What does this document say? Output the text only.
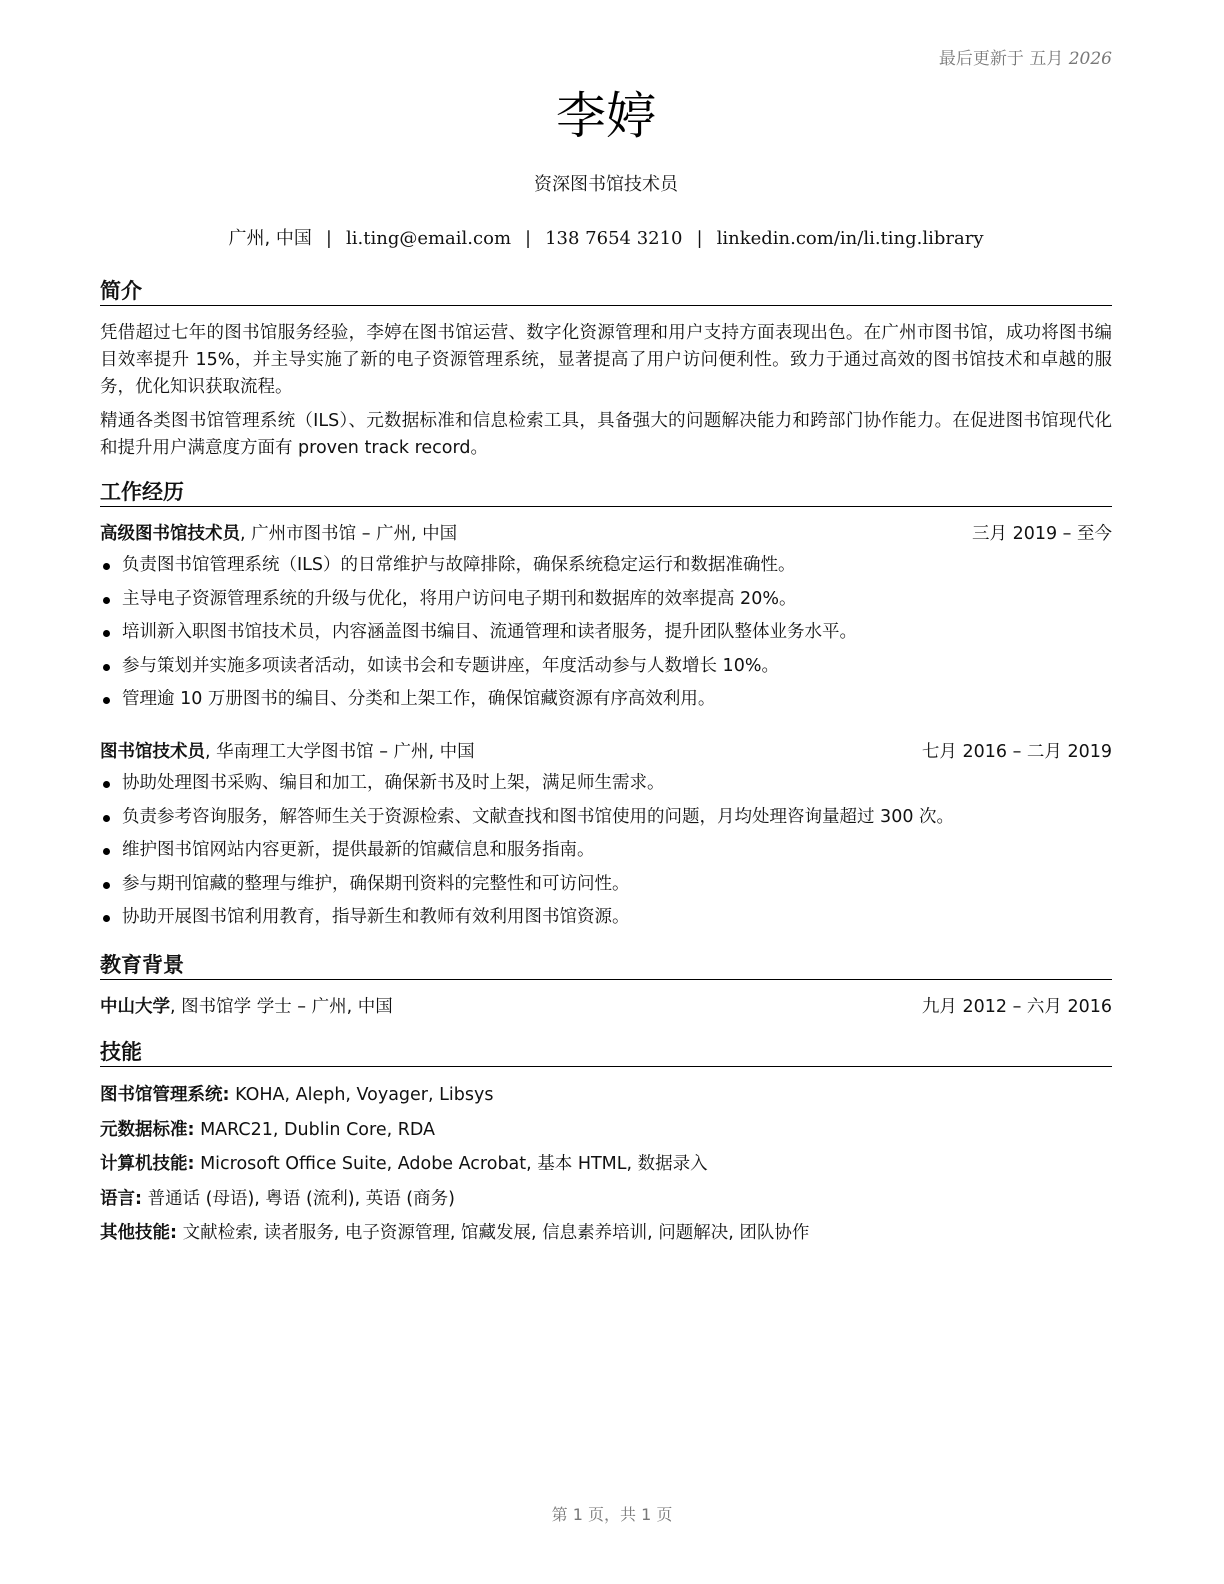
最后更新于 五月 2026
李婷
资深图书馆技术员
广州, 中国 | li.ting@email.com | 138 7654 3210 | linkedin.com/in/li.ting.library
简介
凭借超过七年的图书馆服务经验，李婷在图书馆运营、数字化资源管理和用户支持方面表现出色。在广州市图书馆，成功将图书编目效率提升 15%，并主导实施了新的电子资源管理系统，显著提高了用户访问便利性。致力于通过高效的图书馆技术和卓越的服务，优化知识获取流程。
精通各类图书馆管理系统（ILS）、元数据标准和信息检索工具，具备强大的问题解决能力和跨部门协作能力。在促进图书馆现代化和提升用户满意度方面有 proven track record。
工作经历
高级图书馆技术员, 广州市图书馆 – 广州, 中国	三月 2019 – 至今
负责图书馆管理系统（ILS）的日常维护与故障排除，确保系统稳定运行和数据准确性。
主导电子资源管理系统的升级与优化，将用户访问电子期刊和数据库的效率提高 20%。
培训新入职图书馆技术员，内容涵盖图书编目、流通管理和读者服务，提升团队整体业务水平。
参与策划并实施多项读者活动，如读书会和专题讲座，年度活动参与人数增长 10%。
管理逾 10 万册图书的编目、分类和上架工作，确保馆藏资源有序高效利用。
图书馆技术员, 华南理工大学图书馆 – 广州, 中国	七月 2016 – 二月 2019
协助处理图书采购、编目和加工，确保新书及时上架，满足师生需求。
负责参考咨询服务，解答师生关于资源检索、文献查找和图书馆使用的问题，月均处理咨询量超过 300 次。
维护图书馆网站内容更新，提供最新的馆藏信息和服务指南。
参与期刊馆藏的整理与维护，确保期刊资料的完整性和可访问性。
协助开展图书馆利用教育，指导新生和教师有效利用图书馆资源。
教育背景
中山大学, 图书馆学 学士 – 广州, 中国	九月 2012 – 六月 2016
技能
图书馆管理系统: KOHA, Aleph, Voyager, Libsys
元数据标准: MARC21, Dublin Core, RDA
计算机技能: Microsoft Office Suite, Adobe Acrobat, 基本 HTML, 数据录入
语言: 普通话 (母语), 粤语 (流利), 英语 (商务)
其他技能: 文献检索, 读者服务, 电子资源管理, 馆藏发展, 信息素养培训, 问题解决, 团队协作
第 1 页，共 1 页
